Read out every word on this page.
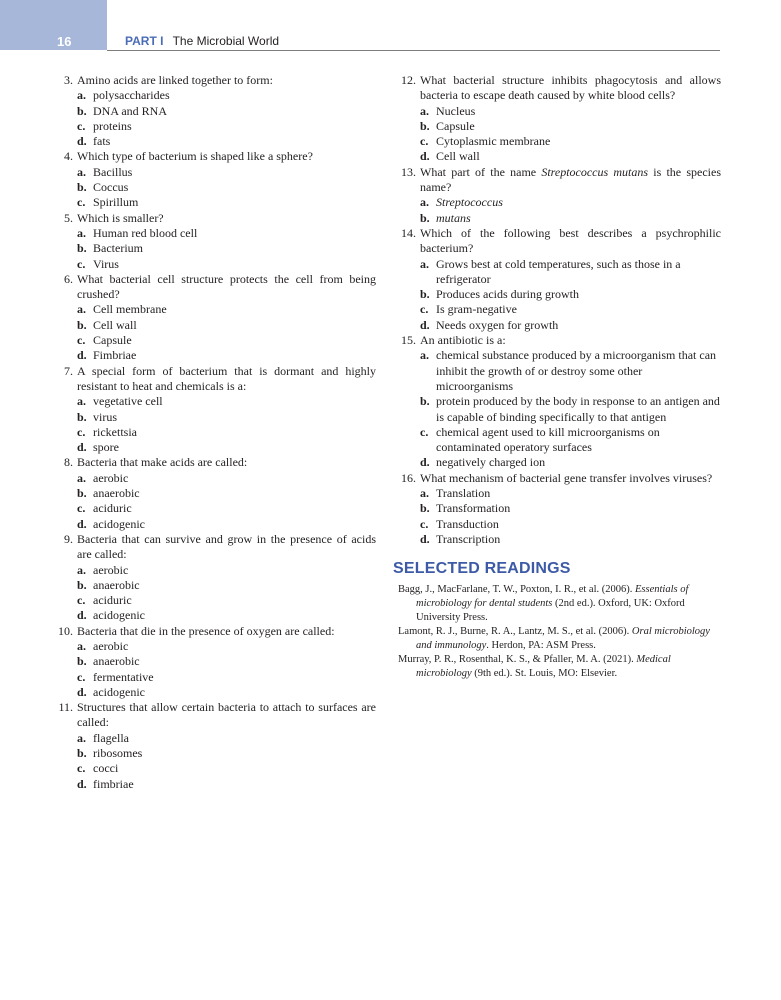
16	PART I The Microbial World
3. Amino acids are linked together to form:
a. polysaccharides
b. DNA and RNA
c. proteins
d. fats
4. Which type of bacterium is shaped like a sphere?
a. Bacillus
b. Coccus
c. Spirillum
5. Which is smaller?
a. Human red blood cell
b. Bacterium
c. Virus
6. What bacterial cell structure protects the cell from being crushed?
a. Cell membrane
b. Cell wall
c. Capsule
d. Fimbriae
7. A special form of bacterium that is dormant and highly resistant to heat and chemicals is a:
a. vegetative cell
b. virus
c. rickettsia
d. spore
8. Bacteria that make acids are called:
a. aerobic
b. anaerobic
c. aciduric
d. acidogenic
9. Bacteria that can survive and grow in the presence of acids are called:
a. aerobic
b. anaerobic
c. aciduric
d. acidogenic
10. Bacteria that die in the presence of oxygen are called:
a. aerobic
b. anaerobic
c. fermentative
d. acidogenic
11. Structures that allow certain bacteria to attach to surfaces are called:
a. flagella
b. ribosomes
c. cocci
d. fimbriae
12. What bacterial structure inhibits phagocytosis and allows bacteria to escape death caused by white blood cells?
a. Nucleus
b. Capsule
c. Cytoplasmic membrane
d. Cell wall
13. What part of the name Streptococcus mutans is the species name?
a. Streptococcus
b. mutans
14. Which of the following best describes a psychrophilic bacterium?
a. Grows best at cold temperatures, such as those in a refrigerator
b. Produces acids during growth
c. Is gram-negative
d. Needs oxygen for growth
15. An antibiotic is a:
a. chemical substance produced by a microorganism that can inhibit the growth of or destroy some other microorganisms
b. protein produced by the body in response to an antigen and is capable of binding specifically to that antigen
c. chemical agent used to kill microorganisms on contaminated operatory surfaces
d. negatively charged ion
16. What mechanism of bacterial gene transfer involves viruses?
a. Translation
b. Transformation
c. Transduction
d. Transcription
SELECTED READINGS
Bagg, J., MacFarlane, T. W., Poxton, I. R., et al. (2006). Essentials of microbiology for dental students (2nd ed.). Oxford, UK: Oxford University Press.
Lamont, R. J., Burne, R. A., Lantz, M. S., et al. (2006). Oral microbiology and immunology. Herdon, PA: ASM Press.
Murray, P. R., Rosenthal, K. S., & Pfaller, M. A. (2021). Medical microbiology (9th ed.). St. Louis, MO: Elsevier.
